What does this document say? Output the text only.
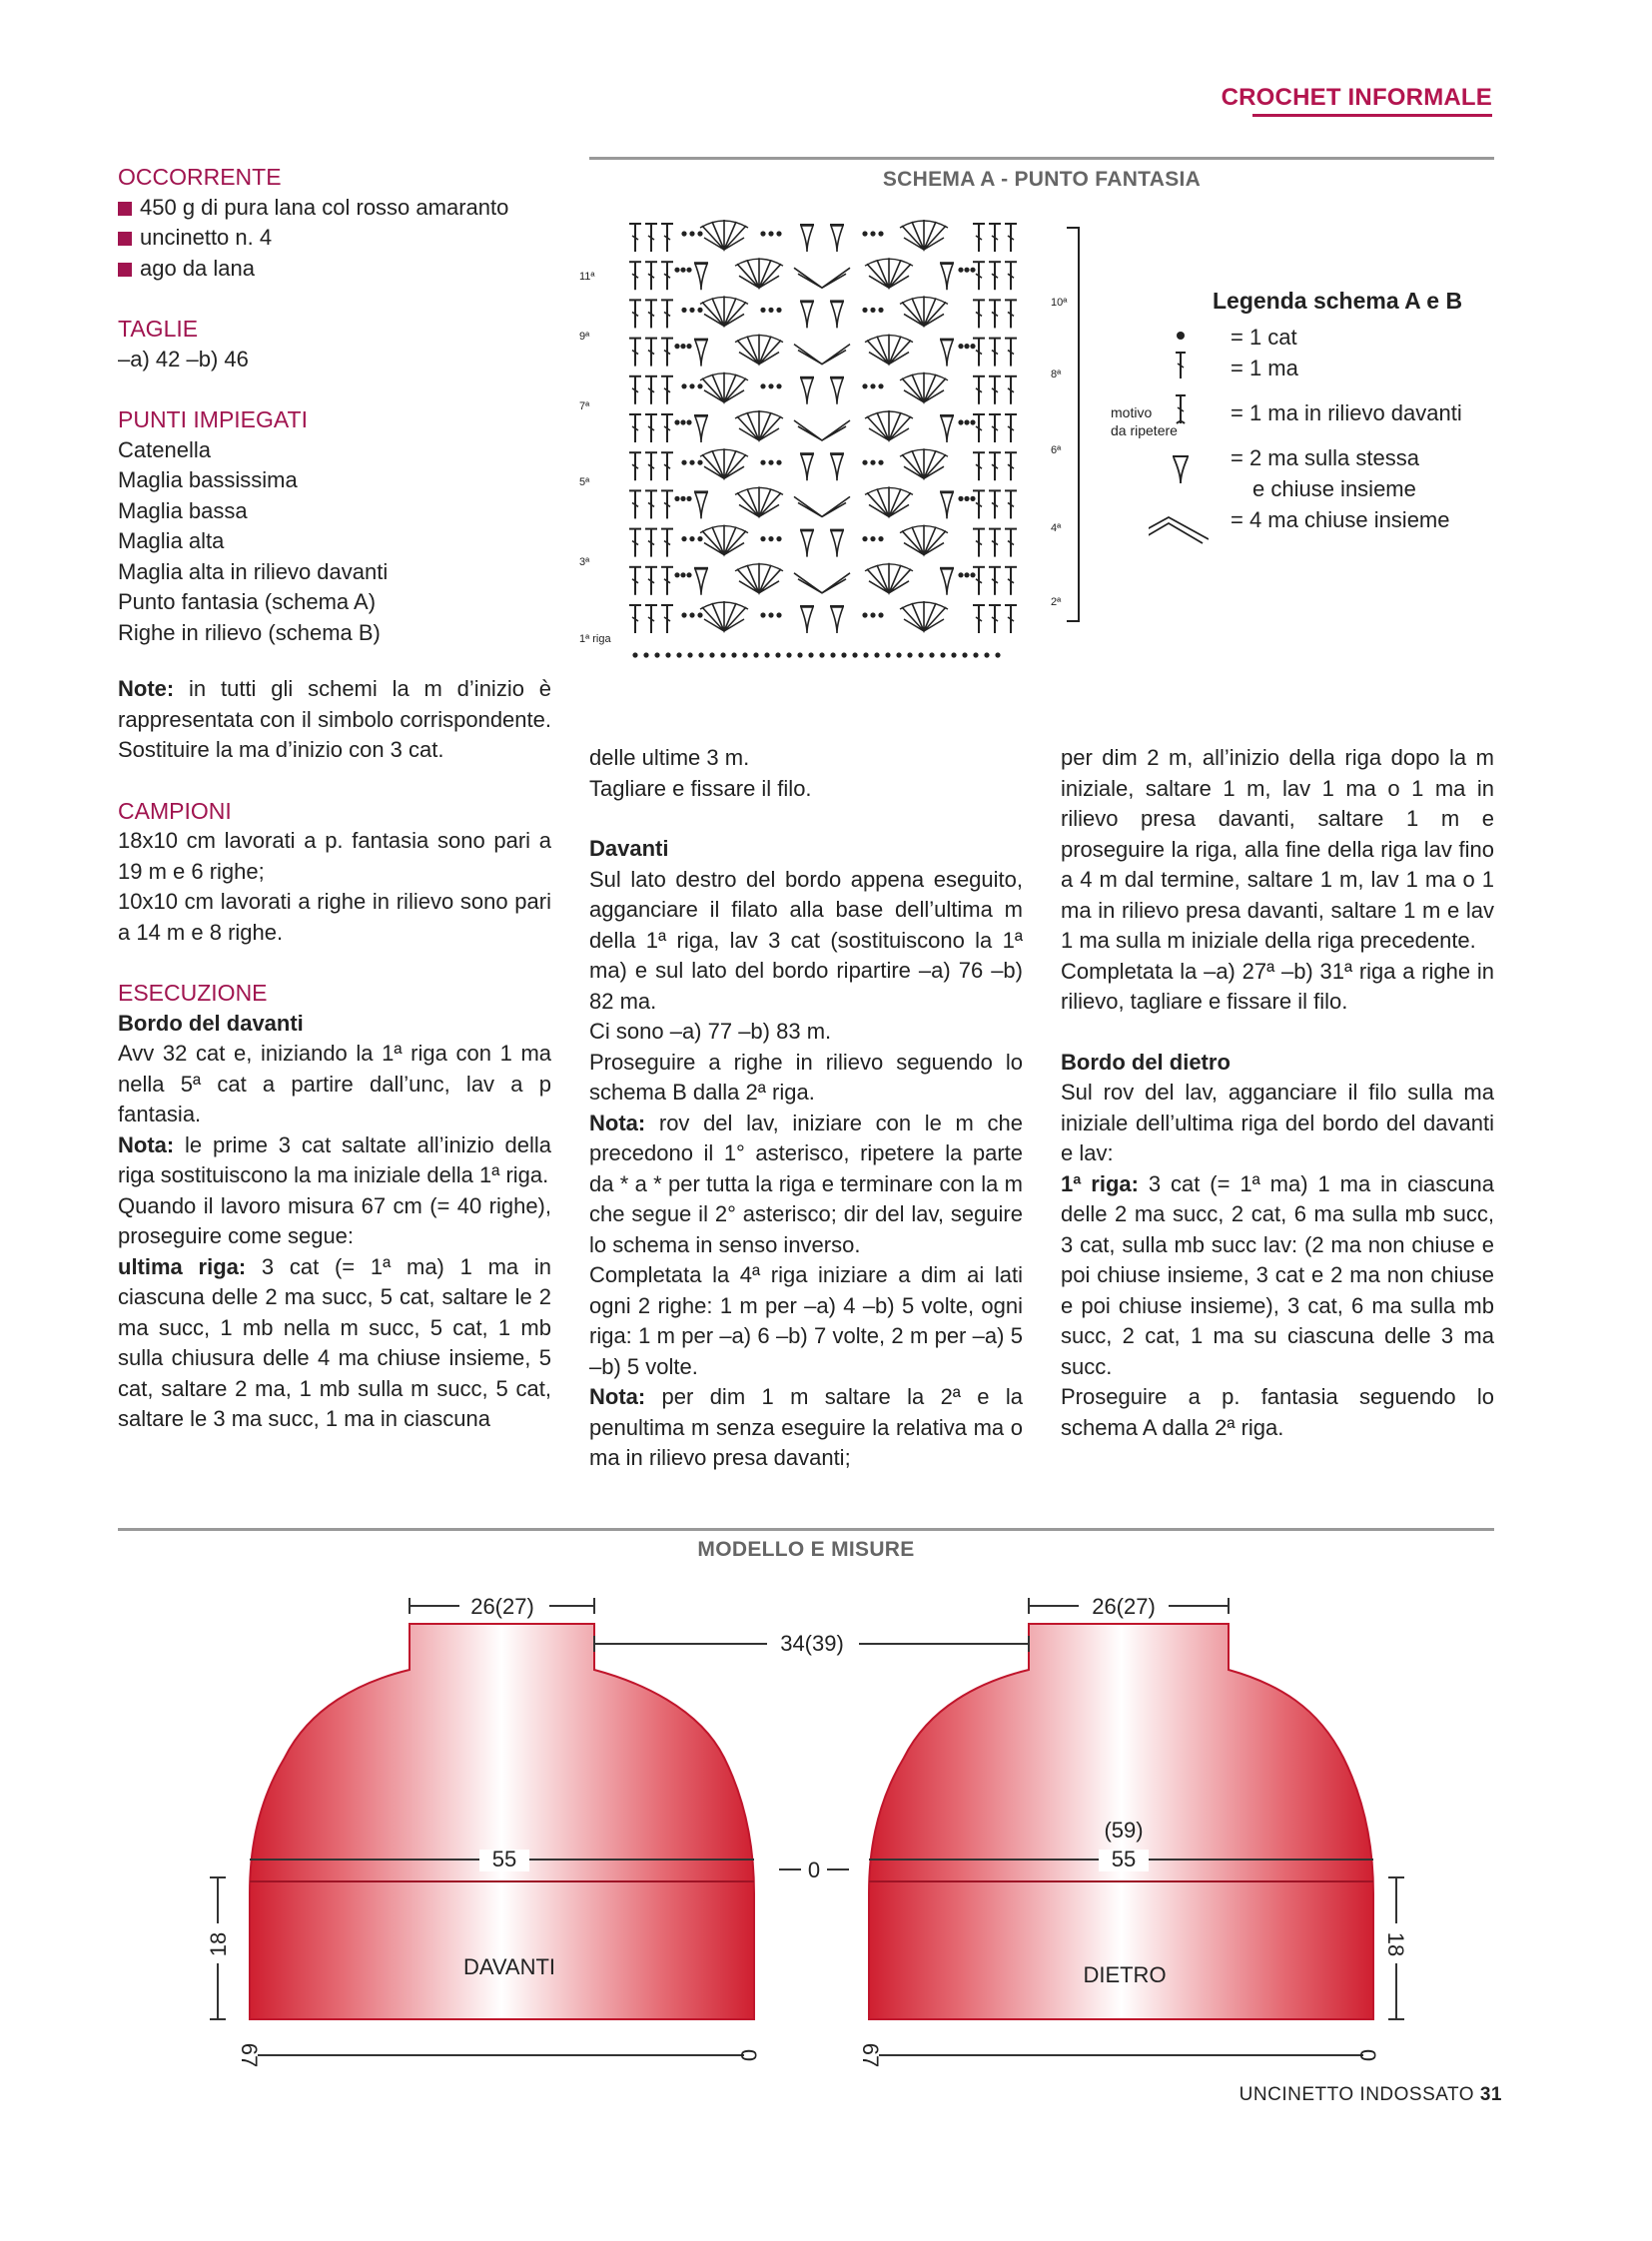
CROCHET INFORMALE

OCCORRENTE

450 g di pura lana col rosso amaranto

uncinetto n. 4

ago da lana

TAGLIE

–a) 42 –b) 46

PUNTI IMPIEGATI

Catenella

Maglia bassissima

Maglia bassa

Maglia alta

Maglia alta in rilievo davanti

Punto fantasia (schema A)

Righe in rilievo (schema B)

Note: in tutti gli schemi la m d’inizio è rappresentata con il simbolo corrispondente. Sostituire la ma d’inizio con 3 cat.

CAMPIONI

18x10 cm lavorati a p. fantasia sono pari a 19 m e 6 righe;

10x10 cm lavorati a righe in rilievo sono pari a 14 m e 8 righe.

ESECUZIONE

Bordo del davanti

Avv 32 cat e, iniziando la 1ª riga con 1 ma nella 5ª cat a partire dall’unc, lav a p fantasia.

Nota: le prime 3 cat saltate all’inizio della riga sostituiscono la ma iniziale della 1ª riga.

Quando il lavoro misura 67 cm (= 40 righe), proseguire come segue:

ultima riga: 3 cat (= 1ª ma) 1 ma in ciascuna delle 2 ma succ, 5 cat, saltare le 2 ma succ, 1 mb nella m succ, 5 cat, 1 mb sulla chiusura delle 4 ma chiuse insieme, 5 cat, saltare 2 ma, 1 mb sulla m succ, 5 cat, saltare le 3 ma succ, 1 ma in ciascuna

delle ultime 3 m.

Tagliare e fissare il filo.

Davanti

Sul lato destro del bordo appena eseguito, agganciare il filato alla base dell’ultima m della 1ª riga, lav 3 cat (sostituiscono la 1ª ma) e sul lato del bordo ripartire –a) 76 –b) 82 ma.

Ci sono –a) 77 –b) 83 m.

Proseguire a righe in rilievo seguendo lo schema B dalla 2ª riga.

Nota: rov del lav, iniziare con le m che precedono il 1° asterisco, ripetere la parte da * a * per tutta la riga e terminare con la m che segue il 2° asterisco; dir del lav, seguire lo schema in senso inverso.

Completata la 4ª riga iniziare a dim ai lati ogni 2 righe: 1 m per –a) 4 –b) 5 volte, ogni riga: 1 m per –a) 6 –b) 7 volte, 2 m per –a) 5 –b) 5 volte.

Nota: per dim 1 m saltare la 2ª e la penultima m senza eseguire la relativa ma o ma in rilievo presa davanti;

per dim 2 m, all’inizio della riga dopo la m iniziale, saltare 1 m, lav 1 ma o 1 ma in rilievo presa davanti, saltare 1 m e proseguire la riga, alla fine della riga lav fino a 4 m dal termine, saltare 1 m, lav 1 ma o 1 ma in rilievo presa davanti, saltare 1 m e lav 1 ma sulla m iniziale della riga precedente.

Completata la –a) 27ª –b) 31ª riga a righe in rilievo, tagliare e fissare il filo.

Bordo del dietro

Sul rov del lav, agganciare il filo sulla ma iniziale dell’ultima riga del bordo del davanti e lav:

1ª riga: 3 cat (= 1ª ma) 1 ma in ciascuna delle 2 ma succ, 2 cat, 6 ma sulla mb succ, 3 cat, sulla mb succ lav: (2 ma non chiuse e poi chiuse insieme, 3 cat e 2 ma non chiuse e poi chiuse insieme), 3 cat, 6 ma sulla mb succ, 2 cat, 1 ma su ciascuna delle 3 ma succ.

Proseguire a p. fantasia seguendo lo schema A dalla 2ª riga.

SCHEMA A - PUNTO FANTASIA
11ª
9ª
7ª
5ª
3ª
1ª riga
10ª
8ª
6ª
4ª
2ª
motivo
da ripetere
Legenda schema A e B
= 1 cat
= 1 ma
= 1 ma in rilievo davanti
= 2 ma sulla stessa
e chiuse insieme
= 4 ma chiuse insieme
MODELLO E MISURE
26(27)	26(27)
34(39)
55	55
(59)
0
DAVANTI	DIETRO
18	18
67	0	67	0
UNCINETTO INDOSSATO 31
